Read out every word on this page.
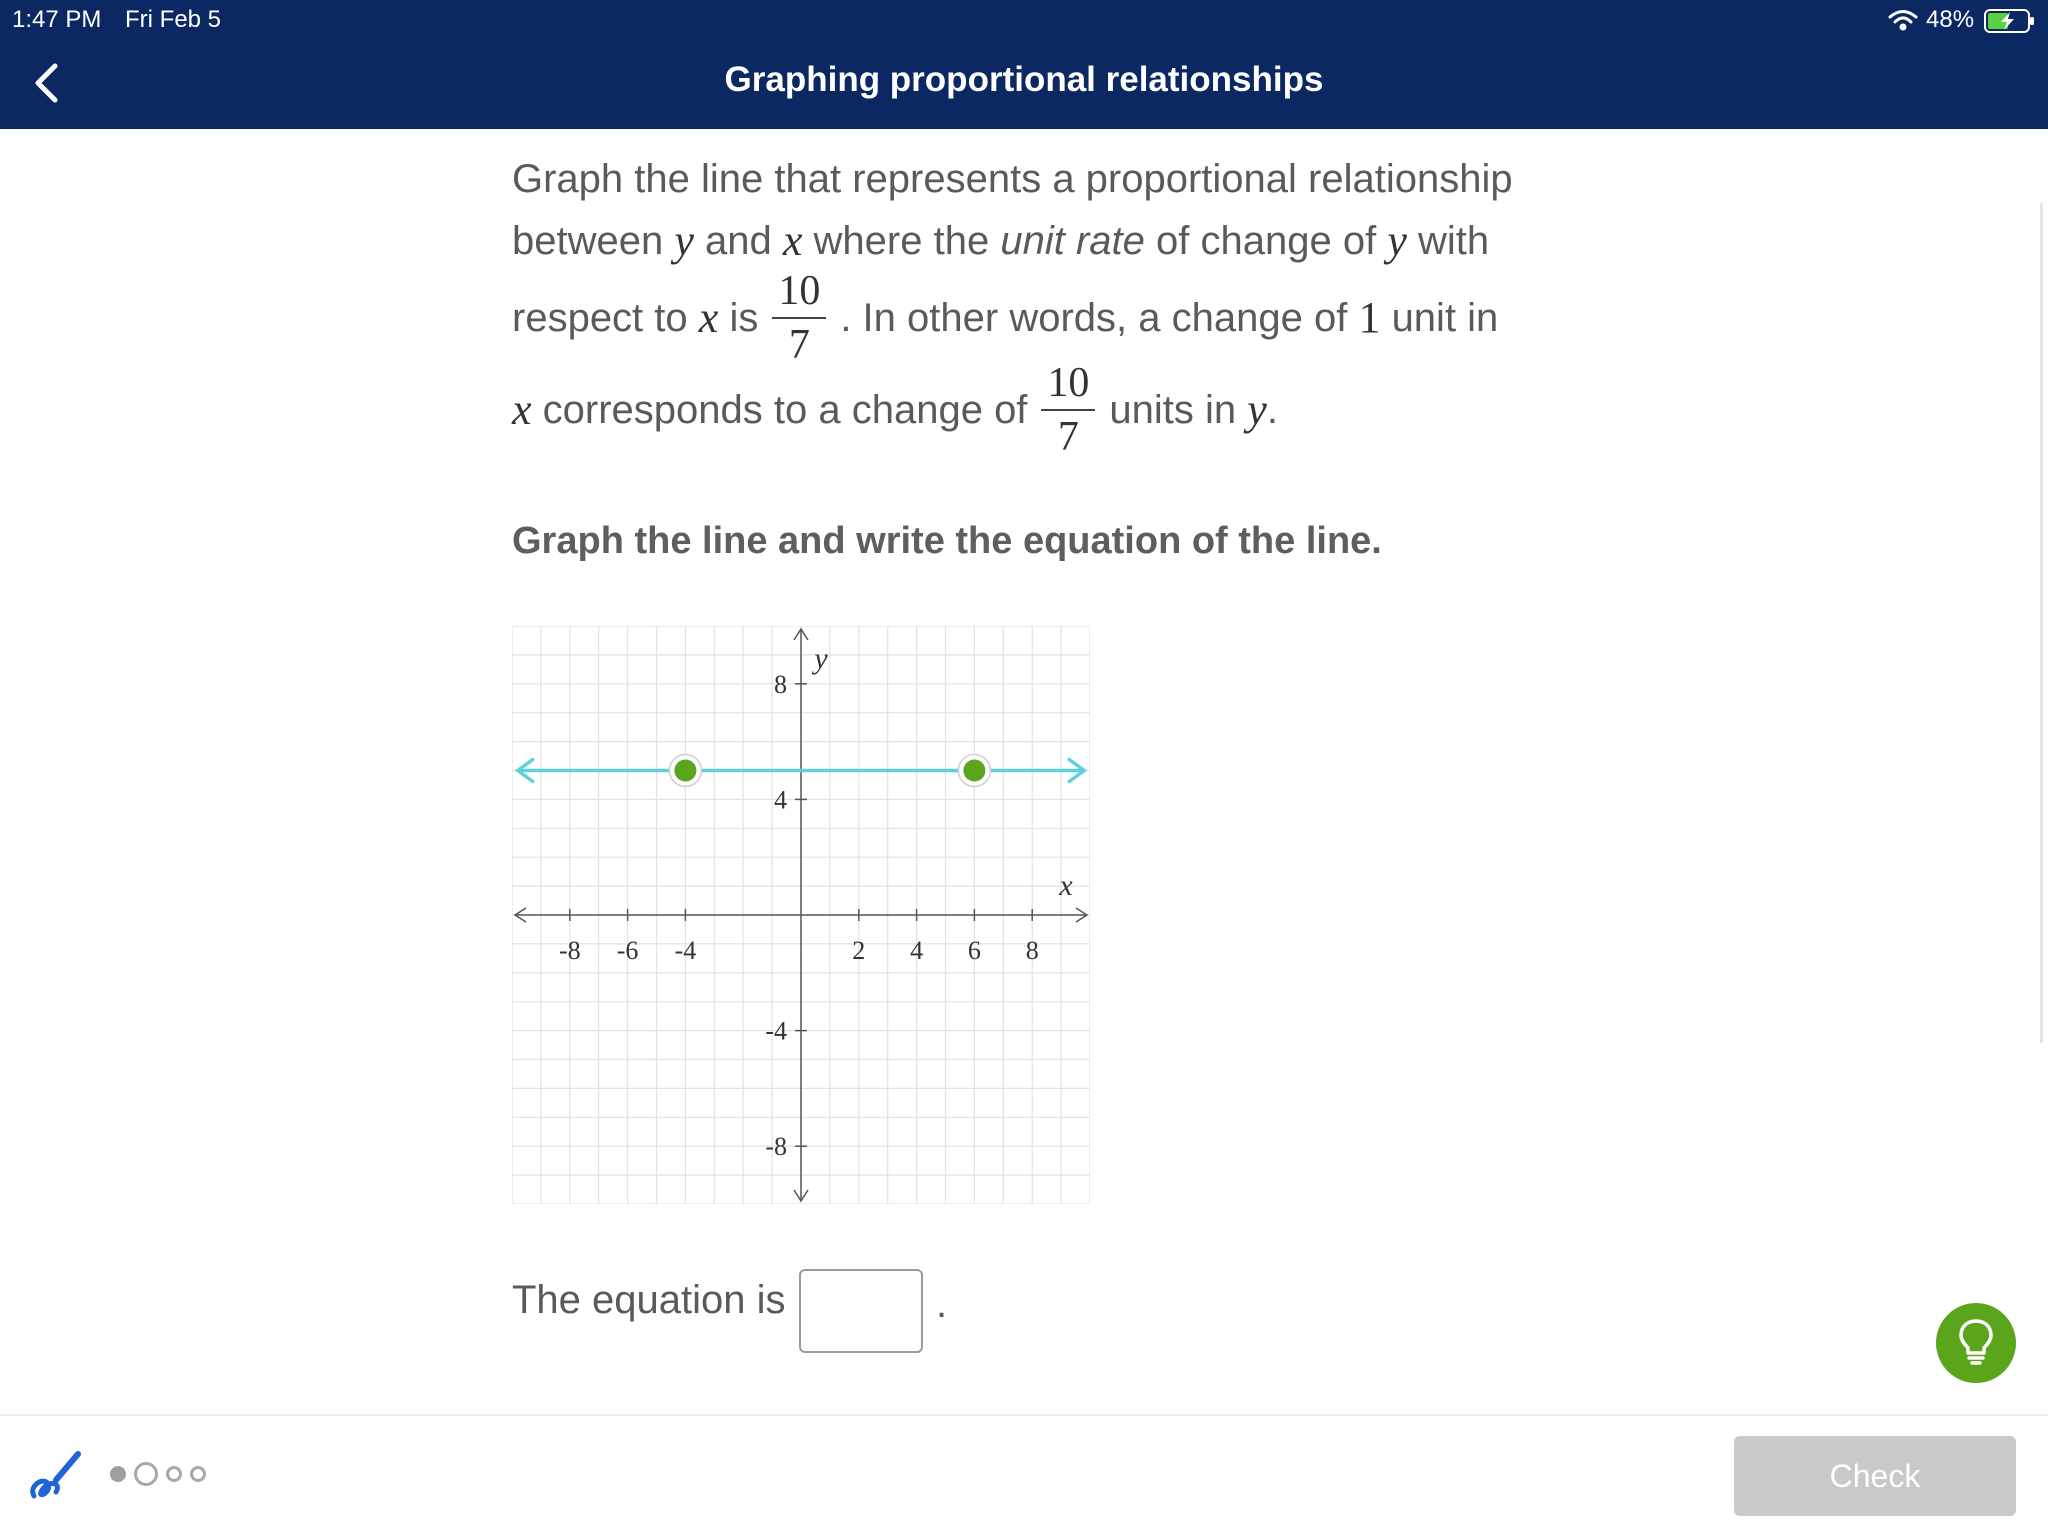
1:47 PM Fri Feb 5	48%
Graphing proportional relationships
Graph the line that represents a proportional relationship
between
y
and
x
where the
unit rate
of change of
y
with
respect to
x
is $\frac{10}{7}$ . In other words, a change of
1
unit in
x
corresponds to a change of $\frac{10}{7}$ units in
y .
Graph the line and write the equation of the line.
-8 -6 -4	2 4 6 8
8
4
-4
-8
x
y
The equation is	.
Check
